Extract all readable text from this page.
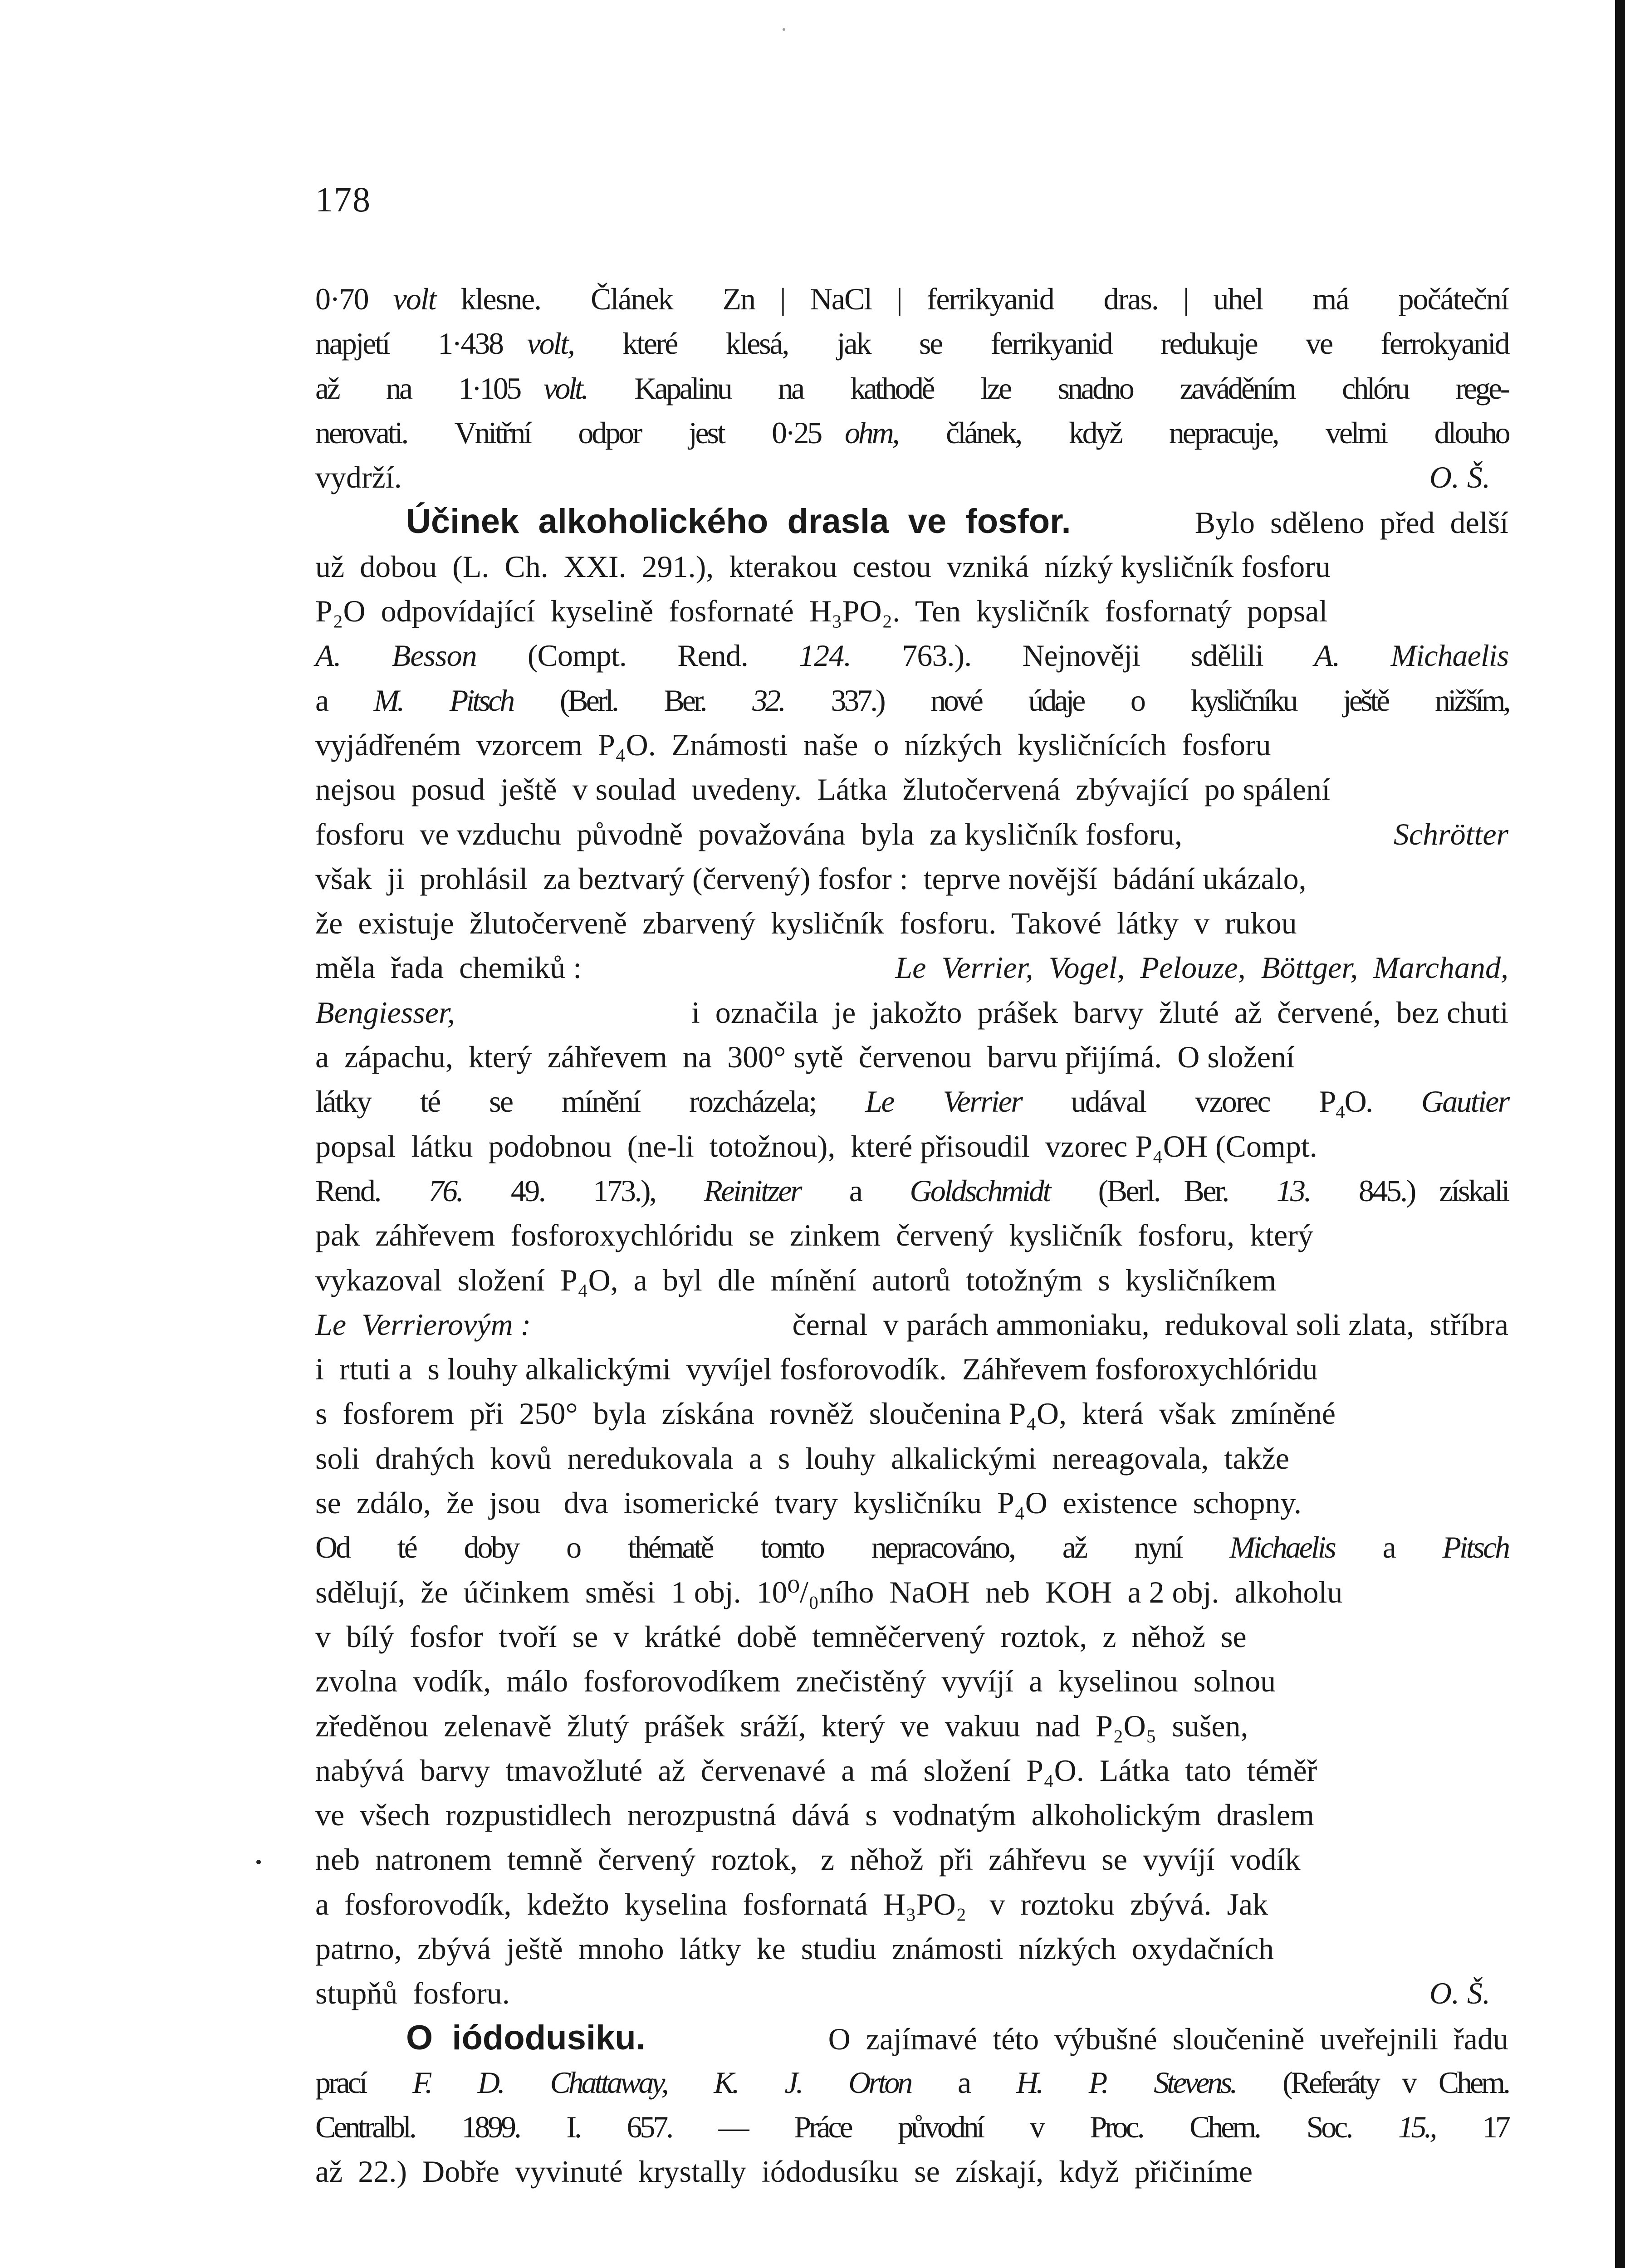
178
0·70 volt klesne.  Článek  Zn | NaCl | ferrikyanid  dras. | uhel  má  počáteční
napjetí  1·438 volt, které  klesá,  jak  se  ferrikyanid  redukuje  ve  ferrokyanid
až  na  1·105 volt. Kapalinu  na  kathodě  lze  snadno  zaváděním  chlóru  rege-
nerovati.  Vnitřní  odpor  jest  0·25 ohm, článek,  když  nepracuje,  velmi  dlouho
vydrží.	O. Š.
Účinek  alkoholického  drasla  ve  fosfor.	Bylo  sděleno  před  delší
už  dobou  (L.  Ch.  XXI.  291.),  kterakou  cestou  vzniká  nízký kysličník fosforu
P₂O  odpovídající  kyselině  fosfornaté  H₃PO₂.  Ten  kysličník  fosfornatý  popsal
A.  Besson (Compt.  Rend. 124. 763.).  Nejnověji  sdělili A.  Michaelis
a M.  Pitsch (Berl.  Ber. 32. 337.)  nové  údaje  o  kysličníku  ještě  nižším,
vyjádřeném  vzorcem  P₄O.  Známosti  naše  o  nízkých  kysličnících  fosforu
nejsou  posud  ještě  v soulad  uvedeny.  Látka  žlutočervená  zbývající  po spálení
fosforu  ve vzduchu  původně  považována  byla  za kysličník fosforu,	Schrötter
však  ji  prohlásil  za beztvarý (červený) fosfor :  teprve novější  bádání ukázalo,
že  existuje  žlutočerveně  zbarvený  kysličník  fosforu.  Takové  látky  v  rukou
měla  řada  chemiků :	Le  Verrier,  Vogel,  Pelouze,  Böttger,  Marchand,
Bengiesser,	i  označila  je  jakožto  prášek  barvy  žluté  až  červené,  bez chuti
a  zápachu,  který  záhřevem  na  300° sytě  červenou  barvu přijímá.  O složení
látky  té  se  mínění  rozcházela; Le  Verrier udával  vzorec  P₄O. Gautier
popsal  látku  podobnou  (ne-li  totožnou),  které přisoudil  vzorec P₄OH (Compt.
Rend. 76. 49.  173.), Reinitzer a Goldschmidt (Berl. Ber. 13. 845.) získali
pak  záhřevem  fosforoxychlóridu  se  zinkem  červený  kysličník  fosforu,  který
vykazoval  složení  P₄O,  a  byl  dle  mínění  autorů  totožným  s  kysličníkem
Le  Verrierovým :	černal  v parách ammoniaku,  redukoval soli zlata,  stříbra
i  rtuti a  s louhy alkalickými  vyvíjel fosforovodík.  Záhřevem fosforoxychlóridu
s  fosforem  při  250°  byla  získána  rovněž  sloučenina P₄O,  která  však  zmíněné
soli  drahých  kovů  neredukovala  a  s  louhy  alkalickými  nereagovala,  takže
se  zdálo,  že  jsou   dva  isomerické  tvary  kysličníku  P₄O  existence  schopny.
Od  té  doby  o  thématě  tomto  nepracováno,  až  nyní Michaelis a Pitsch
sdělují,  že  účinkem  směsi  1 obj.  10⁰/₀ního  NaOH  neb  KOH  a 2 obj.  alkoholu
v  bílý  fosfor  tvoří  se  v  krátké  době  temněčervený  roztok,  z  něhož  se
zvolna  vodík,  málo  fosforovodíkem  znečistěný  vyvíjí  a  kyselinou  solnou
zředěnou  zelenavě  žlutý  prášek  sráží,  který  ve  vakuu  nad  P₂O₅  sušen,
nabývá  barvy  tmavožluté  až  červenavé  a  má  složení  P₄O.  Látka  tato  téměř
ve  všech  rozpustidlech  nerozpustná  dává  s  vodnatým  alkoholickým  draslem
neb  natronem  temně  červený  roztok,   z  něhož  při  záhřevu  se  vyvíjí  vodík
a  fosforovodík,  kdežto  kyselina  fosfornatá  H₃PO₂   v  roztoku  zbývá.  Jak
patrno,  zbývá  ještě  mnoho  látky  ke  studiu  známosti  nízkých  oxydačních
stupňů  fosforu.	O. Š.
O  iódodusiku.	O  zajímavé  této  výbušné  sloučenině  uveřejnili  řadu
prací F.  D.  Chattaway,  K.  J.  Orton a H.  P.  Stevens. (Referáty v Chem.
Centralbl.  1899.  I.  657.  —  Práce  původní  v  Proc.  Chem.  Soc. 15., 17
až  22.)  Dobře  vyvinuté  krystally  iódodusíku  se  získají,  když  přičiníme
